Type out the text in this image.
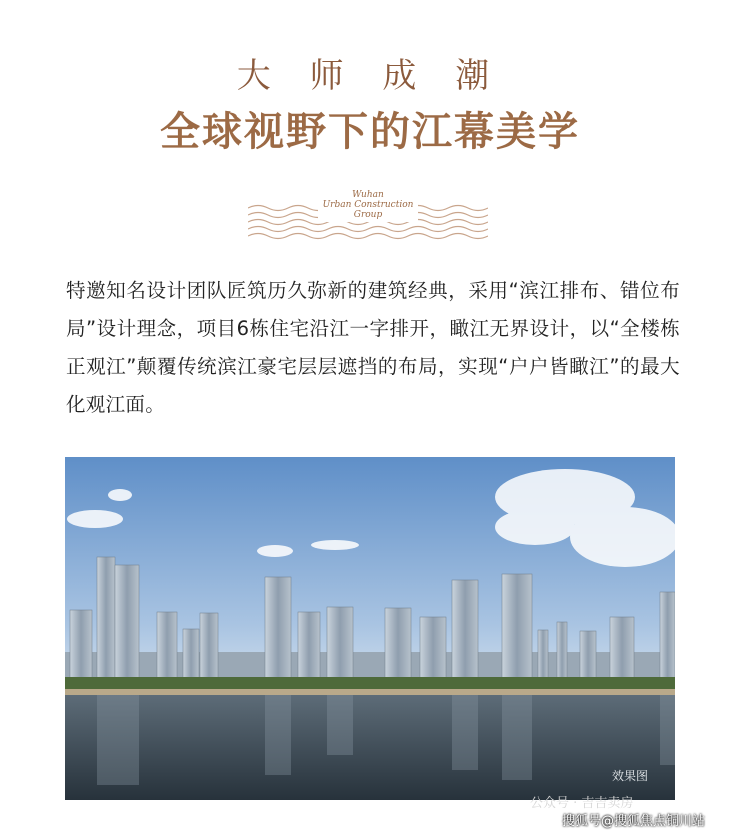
大 师 成 潮
全球视野下的江幕美学
Wuhan
Urban Construction
Group
特邀知名设计团队匠筑历久弥新的建筑经典，采用“滨江排布、错位布局”设计理念，项目6栋住宅沿江一字排开，瞰江无界设计，以“全楼栋正观江”颠覆传统滨江豪宅层层遮挡的布局，实现“户户皆瞰江”的最大化观江面。
效果图
公众号 · 吉吉卖房
搜狐号@搜狐焦点铜川站
